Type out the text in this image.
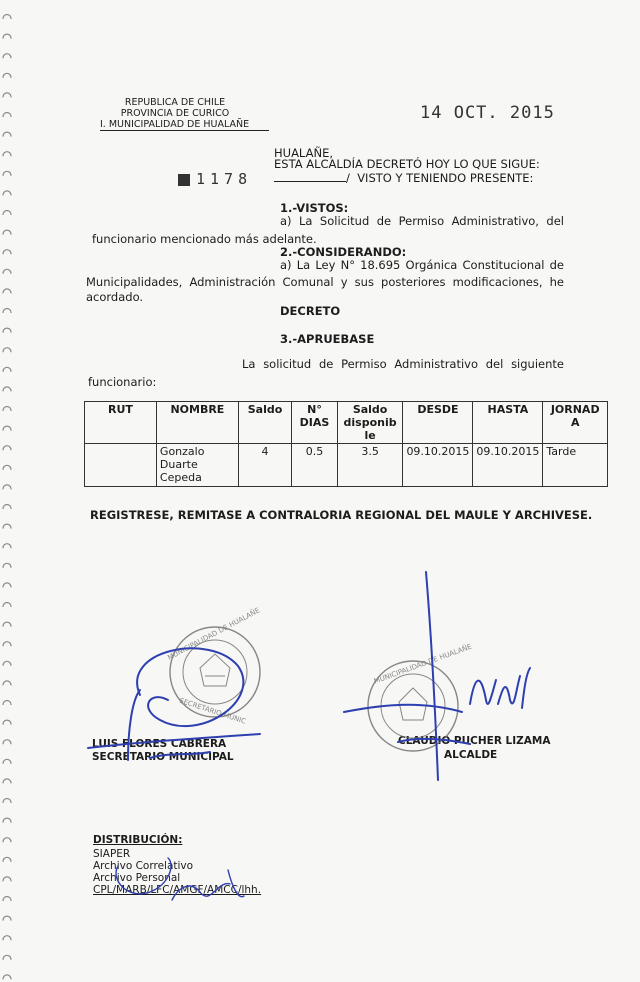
REPUBLICA DE CHILE
PROVINCIA DE CURICO
I. MUNICIPALIDAD DE HUALAÑE
14 OCT. 2015
1178
HUALAÑE,
ESTA ALCALDÍA DECRETÓ HOY LO QUE SIGUE:
/  VISTO Y TENIENDO PRESENTE:
1.-VISTOS:
a) La Solicitud de Permiso Administrativo, del
funcionario mencionado más adelante.
2.-CONSIDERANDO:
a) La Ley N° 18.695 Orgánica Constitucional de
Municipalidades, Administración Comunal y sus posteriores modificaciones, he
acordado.
DECRETO
3.-APRUEBASE
La solicitud de Permiso Administrativo del siguiente
funcionario:
RUT	NOMBRE	Saldo	N° DIAS	Saldo disponib le	DESDE	HASTA	JORNAD A
	Gonzalo Duarte Cepeda	4	0.5	3.5	09.10.2015	09.10.2015	Tarde
REGISTRESE, REMITASE A CONTRALORIA REGIONAL DEL MAULE Y ARCHIVESE.
LUIS FLORES CABRERA
SECRETARIO MUNICIPAL
CLAUDIO PUCHER LIZAMA
ALCALDE
DISTRIBUCIÓN:
SIAPER
Archivo Correlativo
Archivo Personal
CPL/MARB/LFC/AMGF/AMCC/lhh.
MUNICIPALIDAD DE HUALAÑE
SECRETARIO MUNIC
MUNICIPALIDAD DE HUALAÑE
